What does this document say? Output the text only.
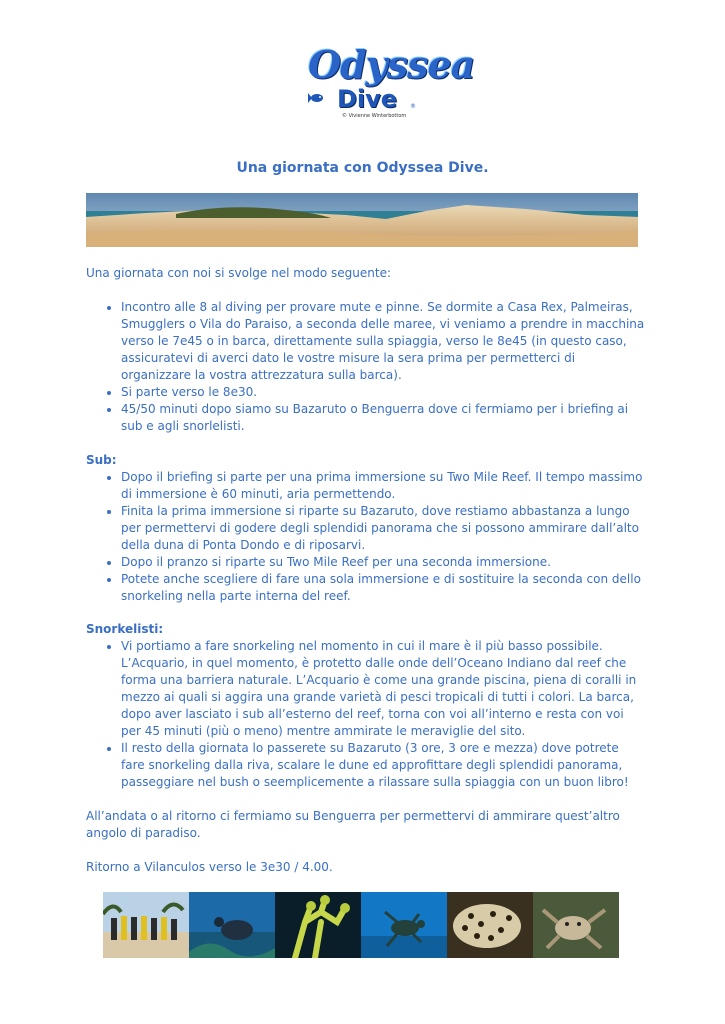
Odyssea
Dive	®
© Vivienne Winterbottom
Una giornata con Odyssea Dive.

Una giornata con noi si svolge nel modo seguente:

• Incontro alle 8 al diving per provare mute e pinne. Se dormite a Casa Rex, Palmeiras, Smugglers o Vila do Paraiso, a seconda delle maree, vi veniamo a prendre in macchina verso le 7e45 o in barca, direttamente sulla spiaggia, verso le 8e45 (in questo caso, assicuratevi di averci dato le vostre misure la sera prima per permetterci di organizzare la vostra attrezzatura sulla barca).
• Si parte verso le 8e30.
• 45/50 minuti dopo siamo su Bazaruto o Benguerra dove ci fermiamo per i briefing ai sub e agli snorlelisti.

Sub:

• Dopo il briefing si parte per una prima immersione su Two Mile Reef. Il tempo massimo di immersione è 60 minuti, aria permettendo.
• Finita la prima immersione si riparte su Bazaruto, dove restiamo abbastanza a lungo per permettervi di godere degli splendidi panorama che si possono ammirare dall’alto della duna di Ponta Dondo e di riposarvi.
• Dopo il pranzo si riparte su Two Mile Reef per una seconda immersione.
• Potete anche scegliere di fare una sola immersione e di sostituire la seconda con dello snorkeling nella parte interna del reef.

Snorkelisti:

• Vi portiamo a fare snorkeling nel momento in cui il mare è il più basso possibile. L’Acquario, in quel momento, è protetto dalle onde dell’Oceano Indiano dal reef che forma una barriera naturale. L’Acquario è come una grande piscina, piena di coralli in mezzo ai quali si aggira una grande varietà di pesci tropicali di tutti i colori. La barca, dopo aver lasciato i sub all’esterno del reef, torna con voi all’interno e resta con voi per 45 minuti (più o meno) mentre ammirate le meraviglie del sito.
• Il resto della giornata lo passerete su Bazaruto (3 ore, 3 ore e mezza) dove potrete fare snorkeling dalla riva, scalare le dune ed approfittare degli splendidi panorama, passeggiare nel bush o seemplicemente a rilassare sulla spiaggia con un buon libro!

All’andata o al ritorno ci fermiamo su Benguerra per permettervi di ammirare quest’altro angolo di paradiso.

Ritorno a Vilanculos verso le 3e30 / 4.00.
